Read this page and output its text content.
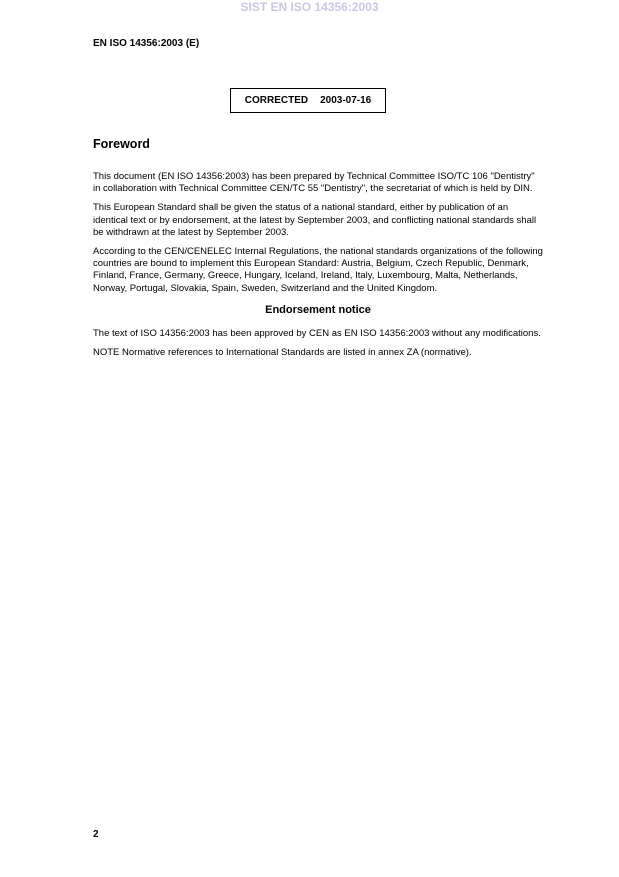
SIST EN ISO 14356:2003
EN ISO 14356:2003 (E)
CORRECTED 2003-07-16
Foreword

This document (EN ISO 14356:2003) has been prepared by Technical Committee ISO/TC 106 "Dentistry" in collaboration with Technical Committee CEN/TC 55 "Dentistry", the secretariat of which is held by DIN.

This European Standard shall be given the status of a national standard, either by publication of an identical text or by endorsement, at the latest by September 2003, and conflicting national standards shall be withdrawn at the latest by September 2003.

According to the CEN/CENELEC Internal Regulations, the national standards organizations of the following countries are bound to implement this European Standard: Austria, Belgium, Czech Republic, Denmark, Finland, France, Germany, Greece, Hungary, Iceland, Ireland, Italy, Luxembourg, Malta, Netherlands, Norway, Portugal, Slovakia, Spain, Sweden, Switzerland and the United Kingdom.

Endorsement notice

The text of ISO 14356:2003 has been approved by CEN as EN ISO 14356:2003 without any modifications.

NOTE Normative references to International Standards are listed in annex ZA (normative).

2
